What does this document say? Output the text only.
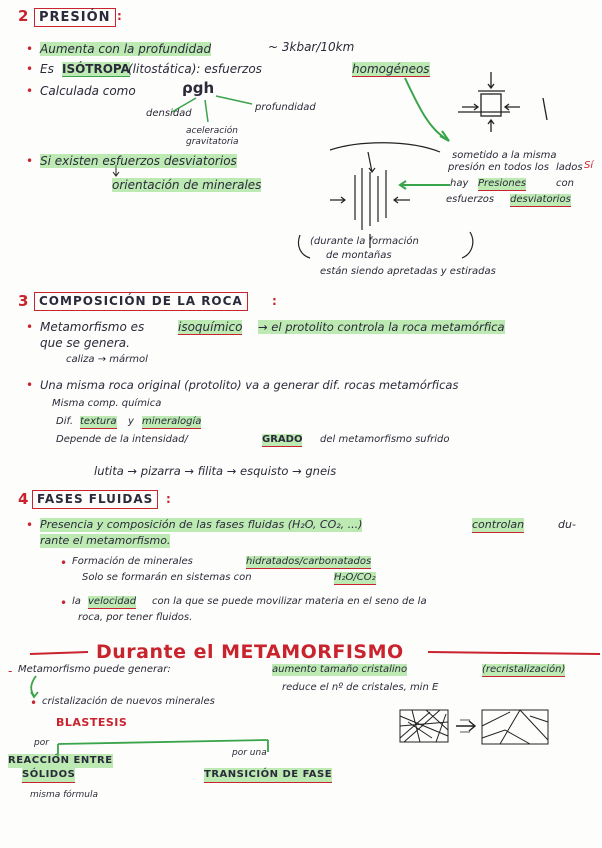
2 PRESIÓN :
• Aumenta con la profundidad	~ 3kbar/10km
• Es ISÓTROPA
(litostática): esfuerzos	homogéneos
• Calculada como	ρgh
densidad
profundidad
aceleración gravitatoria
• Si existen esfuerzos desviatorios
orientación de minerales
sometido a la misma
presión en todos los lados Sí
hay Presiones	con
esfuerzos desviatorios
(durante la formación
de montañas
están siendo apretadas y estiradas
3 COMPOSICIÓN DE LA ROCA	:
• Metamorfismo es	isoquímico → el protolito controla la roca metamórfica
que se genera.
caliza → mármol
• Una misma roca original (protolito) va a generar dif. rocas metamórficas
Misma comp. química
Dif. textura y mineralogía
Depende de la intensidad/	GRADO del metamorfismo sufrido
lutita → pizarra → filita → esquisto → gneis
4 FASES FLUIDAS	:
• Presencia y composición de las fases fluidas (H₂O, CO₂, ...)	controlan	du-
rante el metamorfismo.
• Formación de minerales	hidratados/carbonatados
Solo se formarán en sistemas con	H₂O/CO₂
• la velocidad con la que se puede movilizar materia en el seno de la
roca, por tener fluidos.
Durante el METAMORFISMO
- Metamorfismo puede generar:	aumento tamaño cristalino	(recristalización)
reduce el nº de cristales, min E
• cristalización de nuevos minerales
BLASTESIS
por
por una
REACCIÓN ENTRE
SÓLIDOS	TRANSICIÓN DE FASE
misma fórmula
